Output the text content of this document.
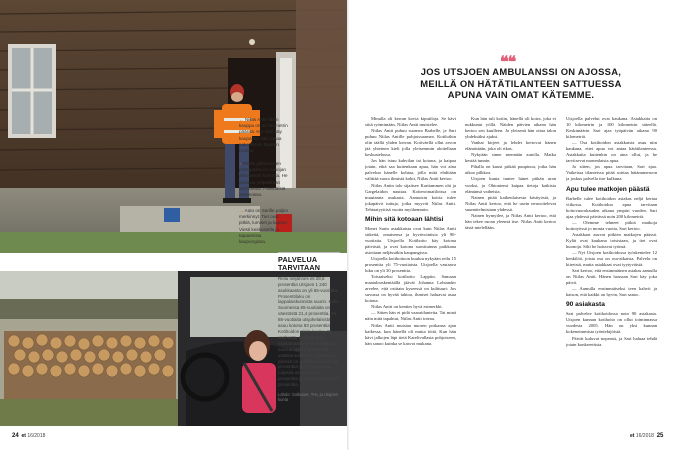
← Niilas Antin lähin kauppa on 40 kilometrin päässä. Kun hän käy kaupassa, hän ostaa pakastimen täyteen ruokaa.
↓ Pöllän pilkkominen polttopuiksi on Aukojan arkielämän hommia. He auttavat ympärillään vanhoiksia. Päivittäisiä askareissa.
→ Auto on Sarille paljon merkinnyt. Tiet ovat pitkiä, lumiset ja kapeat. Viesti keskustella ja tapaamisia kaupungissa.
PALVELUA TARVITAAN
Reilu neljännes eli 28,6 prosenttia Utsjoen 1 240 asukkaasta on yli 65-vuotiaita. Prosenttiluku on lappalaiskunnista suurin. Koko Suomessa 65-vuotiaita on väestöstä 21,4 prosenttia. Yli 85-vuotiaita utsjokelaisista asuu kotona 93 prosenttia. Kotihoidon piiriin kuuluu 80 vanhusta. Kotipalvelun käyttömäärissä on maltillista kasvua sekä Lapissa että valtakunnallisesti. Kotihoidon piirissä on Suomessa reilut 11 prosenttia yli 75-vuotiaista. Lapissa osuus on 14 prosenttia ja Utsjoella lähes 30 prosenttia.
Lähde: Sotkanet, THL ja Utsjoen kunta
24 et 16/2018
❝❝
JOS UTSJOEN AMBULANSSI ON AJOSSA, MEILLÄ ON HÄTÄTILANTEEN SATTUESSA APUNA VAIN OMAT KÄTEMME.

Minulla oli kerran kovia kiputiloja. Se kävi siitä ryömimään, Niilas Antti muistelee.

Niilas Antti puhuu suomea Barbelle, je Sari puhuu Niilas Antille pohjoissaamea. Kotiloihin olin täällä yhden kerran. Kotiväellä ollut arvon jää yhteinen kieli jolla yleisemmin aloitellaan keskustelussa.

Jos hän istuu kahvilan tai kotona, ja kaipaa jotain, eikä saa kuitenkaan apua, hän voi aina palvelun hänelle kohtaa, jolla mitä ehditään välittää suora ihmistä kohti, Niilas Antti kertoo.

Niilas Antin talo sijaitsee Karitammen ohi ja Gargelaidon nauttaa. Kotieroimatiloissa on muutamia asukasta. Aamuisin koiria tulee jokapäivä tuttuja, jotka myyvät Niilas Antti. Tehtaatyyttisä vuotta myöhemmin.

Mihin sitä kotoaan lähtisi

Monet Sarin asiakkaista ovat kuin Niilas Antti sitkeitä, omaisensa ja hyvävointisia yli 90-vuotiaita. Utsjoella Kotihoito käy kotona päivästä, ja ovat kotona suosituinna paikkana asioitaan neljässäkin kaupungissa.

Utsjoella kotihoitoon kuuluu nykyään reilu 15 prosenttia yli 75-vuotiaista. Utsjoella vastaava luku on yli 30 prosenttia.

Toistaiseksi kotihoito Lappiin. Samaan maatalouskentäällä jäävät Johanna Lohtander arvelee, että osittain kyseessä on kulttuuri: Jos suvussa on hyvää tahtoa, ihmiset haluavat asua kotona.

Niilas Antti on kenties hyvä esimerkki.

— Sitten hän ei pidä vaaratilanteita. Tai minä näin mitä tapahtui, Niilas Antti toteaa.

Niilas Antti muistaa nuoren poikansa ajan kaikessa, kun hänellä oli muita töitä. Kun hän kävi jalkojen läpi tietä Karelivallasta pohjoiseen, hän sanoo kuinka se kasvoi mukana.

Kun hän tuli kotiin, hänellä oli koira, joka ei nukkunut yöllä. Näiden päivien aikana hän kertoo sen kuulleen. Ja yleisenä hän ottaa talon yhdeksäksi ajaksi.

Vanhat kirjeet ja lehdet kertovat hänen elämästään, joka oli rikas.

Nykyään sinne mennään autolla. Matka kestää tunnin.

Pihalla on kuusi pitkää puupinoa, jotka hän aikoo pilkkoa.

Utsjoen kunta tuntee hänet pitkän uran vuoksi, ja Ohtoniemi kaipaa tietoja kaikista elämänsä vaiheista.

Nainen pitää kaikenlaisesta käsityöstä, ja Niilas Antti kertoo, että he usein neuvottelevat suunnitelmistaan yhdessä.

Nainen hymyilee, ja Niilas Antti kertoo, että hän tekee ruoan yleensä itse. Niilas Antti kertoo tästä mielellään.

Utsjoella palvelut ovat kaukana. Asiakkaita on 10 kilometrin ja 100 kilometrin säteellä. Keskimäärin Sari ajaa työpäivän aikana 90 kilometriä.

— Osa kotihoidon asiakkaista asuu niin kaukana, ettei apua voi antaa hätätilanteessa. Asiakkaita kuitenkin on aina ollut, ja he tarvitsevat monenlaista apua.

Ja sitten, jos apua tarvitaan, Sari ajaa. Vaikeissa tilanteissa pitää soittaa hätänumeroon ja joskus palvella itse kulkuna.

Apu tulee matkojen päästä

Barbelle tulee kotihoidon asiakas neljä kertaa viikossa. Kotihoidon apua tarvitaan hoitovuorokauden aikana ympäri vuoden. Sari ajaa yhdessä päivässä noin 200 kilometriä.

— Olemme tehneet pitkiä matkoja hoitotyössä jo monta vuotta, Sari kertoo.

Asiakkaat asuvat pitkien matkojen päässä. Kylät ovat kaukana toisistaan, ja tiet ovat huonoja. Silti he hoitavat työnsä.

— Nyt Utsjoen kotihoidossa työskentelee 12 henkilöä, joista osa on osa-aikaisia. Palvelu on kiireistä, mutta asiakkaat ovat tyytyväisiä.

Sari kertoo, että ensimmäinen asiakas aamulla on Niilas Antti. Hänen luonaan Sari käy joka päivä.

— Aamulla ensimmäiseksi teen kahvit ja katson, että kaikki on hyvin, Sari sanoo.

90 asiakasta

Sari palvelee kotihoidossa noin 90 asiakasta. Utsjoen kunnan kotihoito on ollut toiminnassa vuodesta 2005. Hän on yksi kunnan kokeneimmista työntekijöistä.

Päivät kuluvat nopeasti, ja Sari haluaa tehdä jotain konkreettista.

et 16/2018 25
